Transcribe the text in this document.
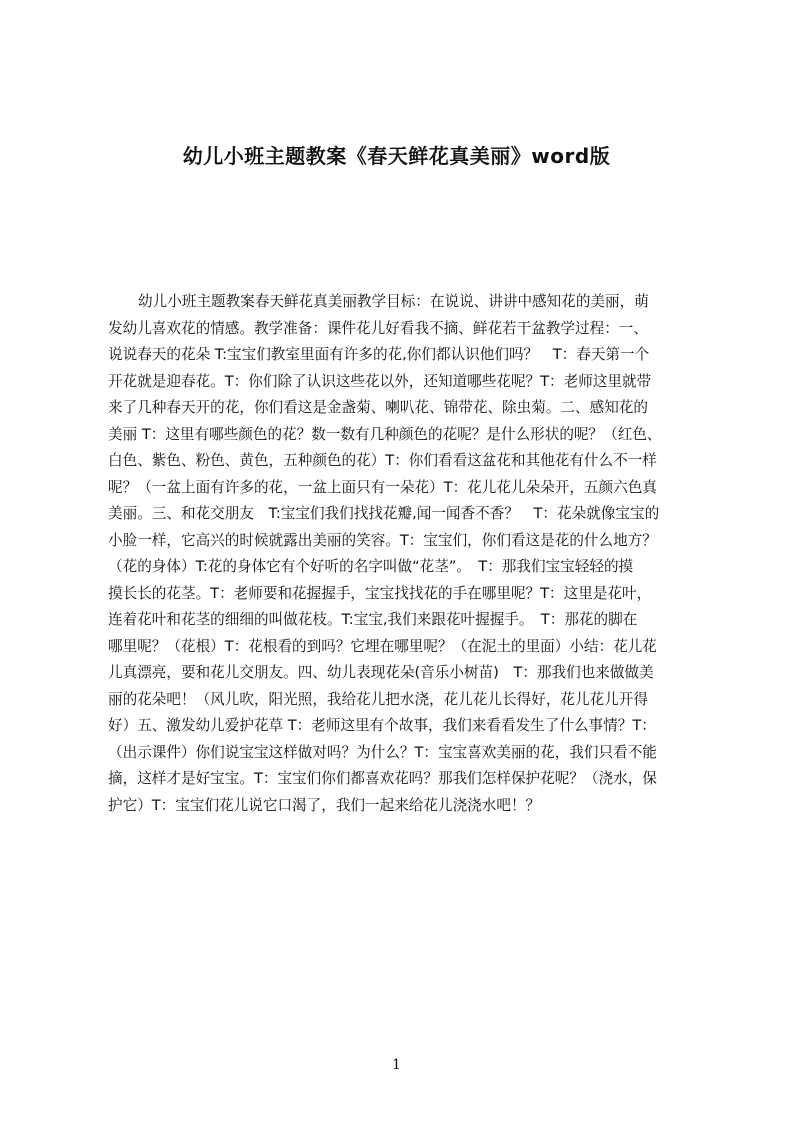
幼儿小班主题教案《春天鲜花真美丽》word版
幼儿小班主题教案春天鲜花真美丽教学目标：在说说、讲讲中感知花的美丽，萌
发幼儿喜欢花的情感。教学准备：课件花儿好看我不摘、鲜花若干盆教学过程：一、
说说春天的花朵 T:宝宝们教室里面有许多的花,你们都认识他们吗？　T：春天第一个
开花就是迎春花。T：你们除了认识这些花以外，还知道哪些花呢？T：老师这里就带
来了几种春天开的花，你们看这是金盏菊、喇叭花、锦带花、除虫菊。二、感知花的
美丽 T：这里有哪些颜色的花？数一数有几种颜色的花呢？是什么形状的呢？（红色、
白色、紫色、粉色、黄色，五种颜色的花）T：你们看看这盆花和其他花有什么不一样
呢？（一盆上面有许多的花，一盆上面只有一朵花）T：花儿花儿朵朵开，五颜六色真
美丽。三、和花交朋友　T:宝宝们我们找找花瓣,闻一闻香不香？　T：花朵就像宝宝的
小脸一样，它高兴的时候就露出美丽的笑容。T：宝宝们，你们看这是花的什么地方？
（花的身体）T:花的身体它有个好听的名字叫做“花茎”。　T：那我们宝宝轻轻的摸
摸长长的花茎。T：老师要和花握握手，宝宝找找花的手在哪里呢？T：这里是花叶，
连着花叶和花茎的细细的叫做花枝。T:宝宝,我们来跟花叶握握手。　T：那花的脚在
哪里呢？（花根）T：花根看的到吗？它埋在哪里呢？（在泥土的里面）小结：花儿花
儿真漂亮，要和花儿交朋友。四、幼儿表现花朵(音乐小树苗)　T：那我们也来做做美
丽的花朵吧！（风儿吹，阳光照，我给花儿把水浇，花儿花儿长得好，花儿花儿开得
好）五、激发幼儿爱护花草 T：老师这里有个故事，我们来看看发生了什么事情？T：
（出示课件）你们说宝宝这样做对吗？为什么？T：宝宝喜欢美丽的花，我们只看不能
摘，这样才是好宝宝。T：宝宝们你们都喜欢花吗？那我们怎样保护花呢？（浇水，保
护它）T：宝宝们花儿说它口渴了，我们一起来给花儿浇浇水吧！？
1
